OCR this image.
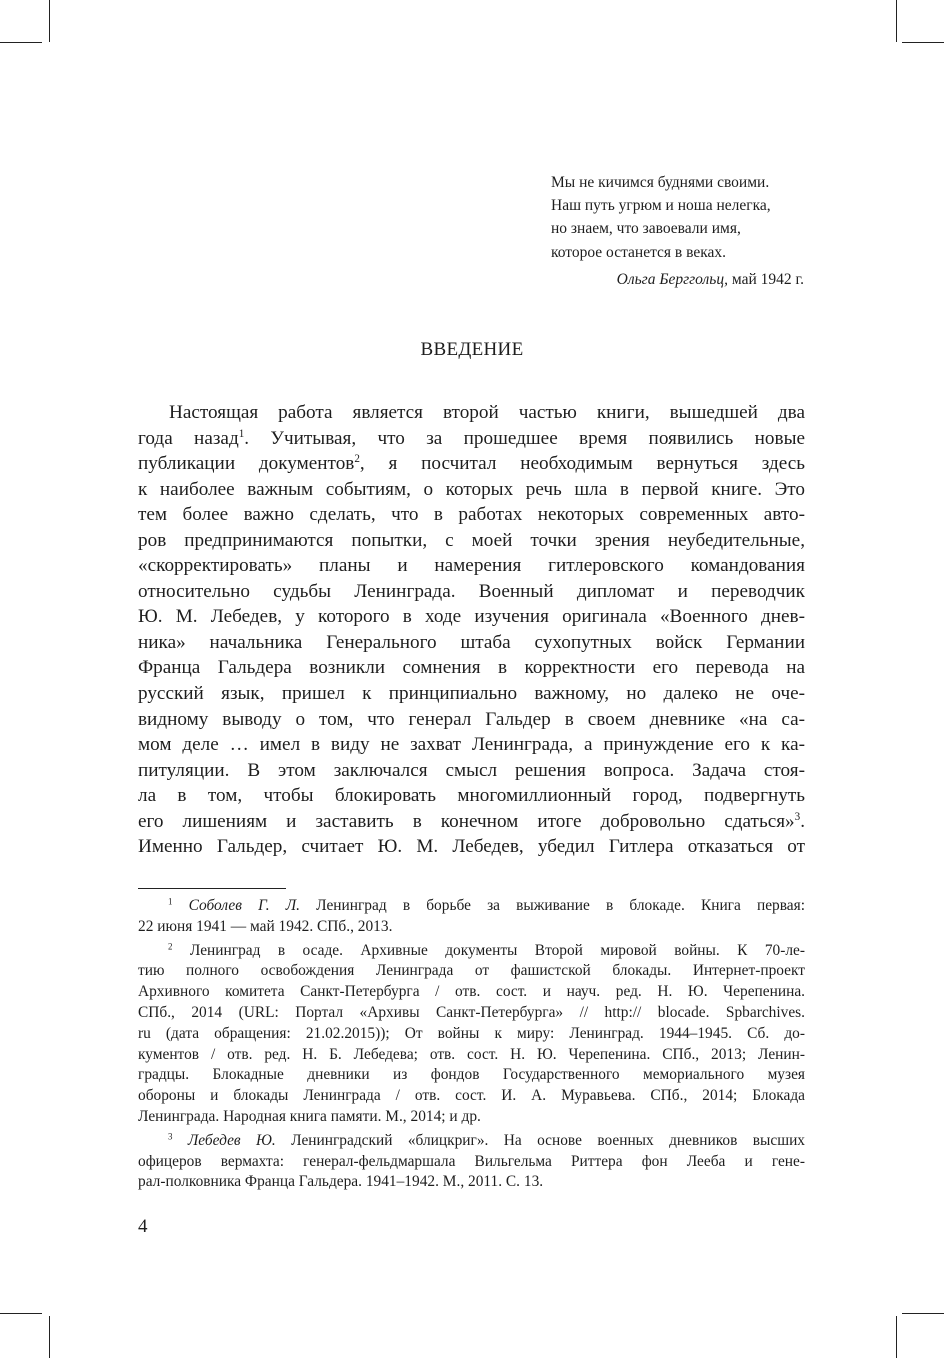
Мы не кичимся буднями своими.
Наш путь угрюм и ноша нелегка,
но знаем, что завоевали имя,
которое останется в веках.
Ольга Берггольц, май 1942 г.
ВВЕДЕНИЕ
Настоящая работа является второй частью книги, вышедшей два
года назад$^1$. Учитывая, что за прошедшее время появились новые
публикации документов$^2$, я посчитал необходимым вернуться здесь
к наиболее важным событиям, о которых речь шла в первой книге. Это
тем более важно сделать, что в работах некоторых современных авто-
ров предпринимаются попытки, с моей точки зрения неубедительные,
«скорректировать» планы и намерения гитлеровского командования
относительно судьбы Ленинграда. Военный дипломат и переводчик
Ю. М. Лебедев, у которого в ходе изучения оригинала «Военного днев-
ника» начальника Генерального штаба сухопутных войск Германии
Франца Гальдера возникли сомнения в корректности его перевода на
русский язык, пришел к принципиально важному, но далеко не оче-
видному выводу о том, что генерал Гальдер в своем дневнике «на са-
мом деле … имел в виду не захват Ленинграда, а принуждение его к ка-
питуляции. В этом заключался смысл решения вопроса. Задача стоя-
ла в том, чтобы блокировать многомиллионный город, подвергнуть
его лишениям и заставить в конечном итоге добровольно сдаться»$^3$.
Именно Гальдер, считает Ю. М. Лебедев, убедил Гитлера отказаться от
$^1$ Соболев Г. Л. Ленинград в борьбе за выживание в блокаде. Книга первая:
22 июня 1941 — май 1942. СПб., 2013.
$^2$ Ленинград в осаде. Архивные документы Второй мировой войны. К 70-ле-
тию полного освобождения Ленинграда от фашистской блокады. Интернет-проект
Архивного комитета Санкт-Петербурга / отв. сост. и науч. ред. Н. Ю. Черепенина.
СПб., 2014 (URL: Портал «Архивы Санкт-Петербурга» // http:// blocade. Spbarchives.
ru (дата обращения: 21.02.2015)); От войны к миру: Ленинград. 1944–1945. Сб. до-
кументов / отв. ред. Н. Б. Лебедева; отв. сост. Н. Ю. Черепенина. СПб., 2013; Ленин-
градцы. Блокадные дневники из фондов Государственного мемориального музея
обороны и блокады Ленинграда / отв. сост. И. А. Муравьева. СПб., 2014; Блокада
Ленинграда. Народная книга памяти. М., 2014; и др.
$^3$ Лебедев Ю. Ленинградский «блицкриг». На основе военных дневников высших
офицеров вермахта: генерал-фельдмаршала Вильгельма Риттера фон Лееба и гене-
рал-полковника Франца Гальдера. 1941–1942. М., 2011. С. 13.
4
